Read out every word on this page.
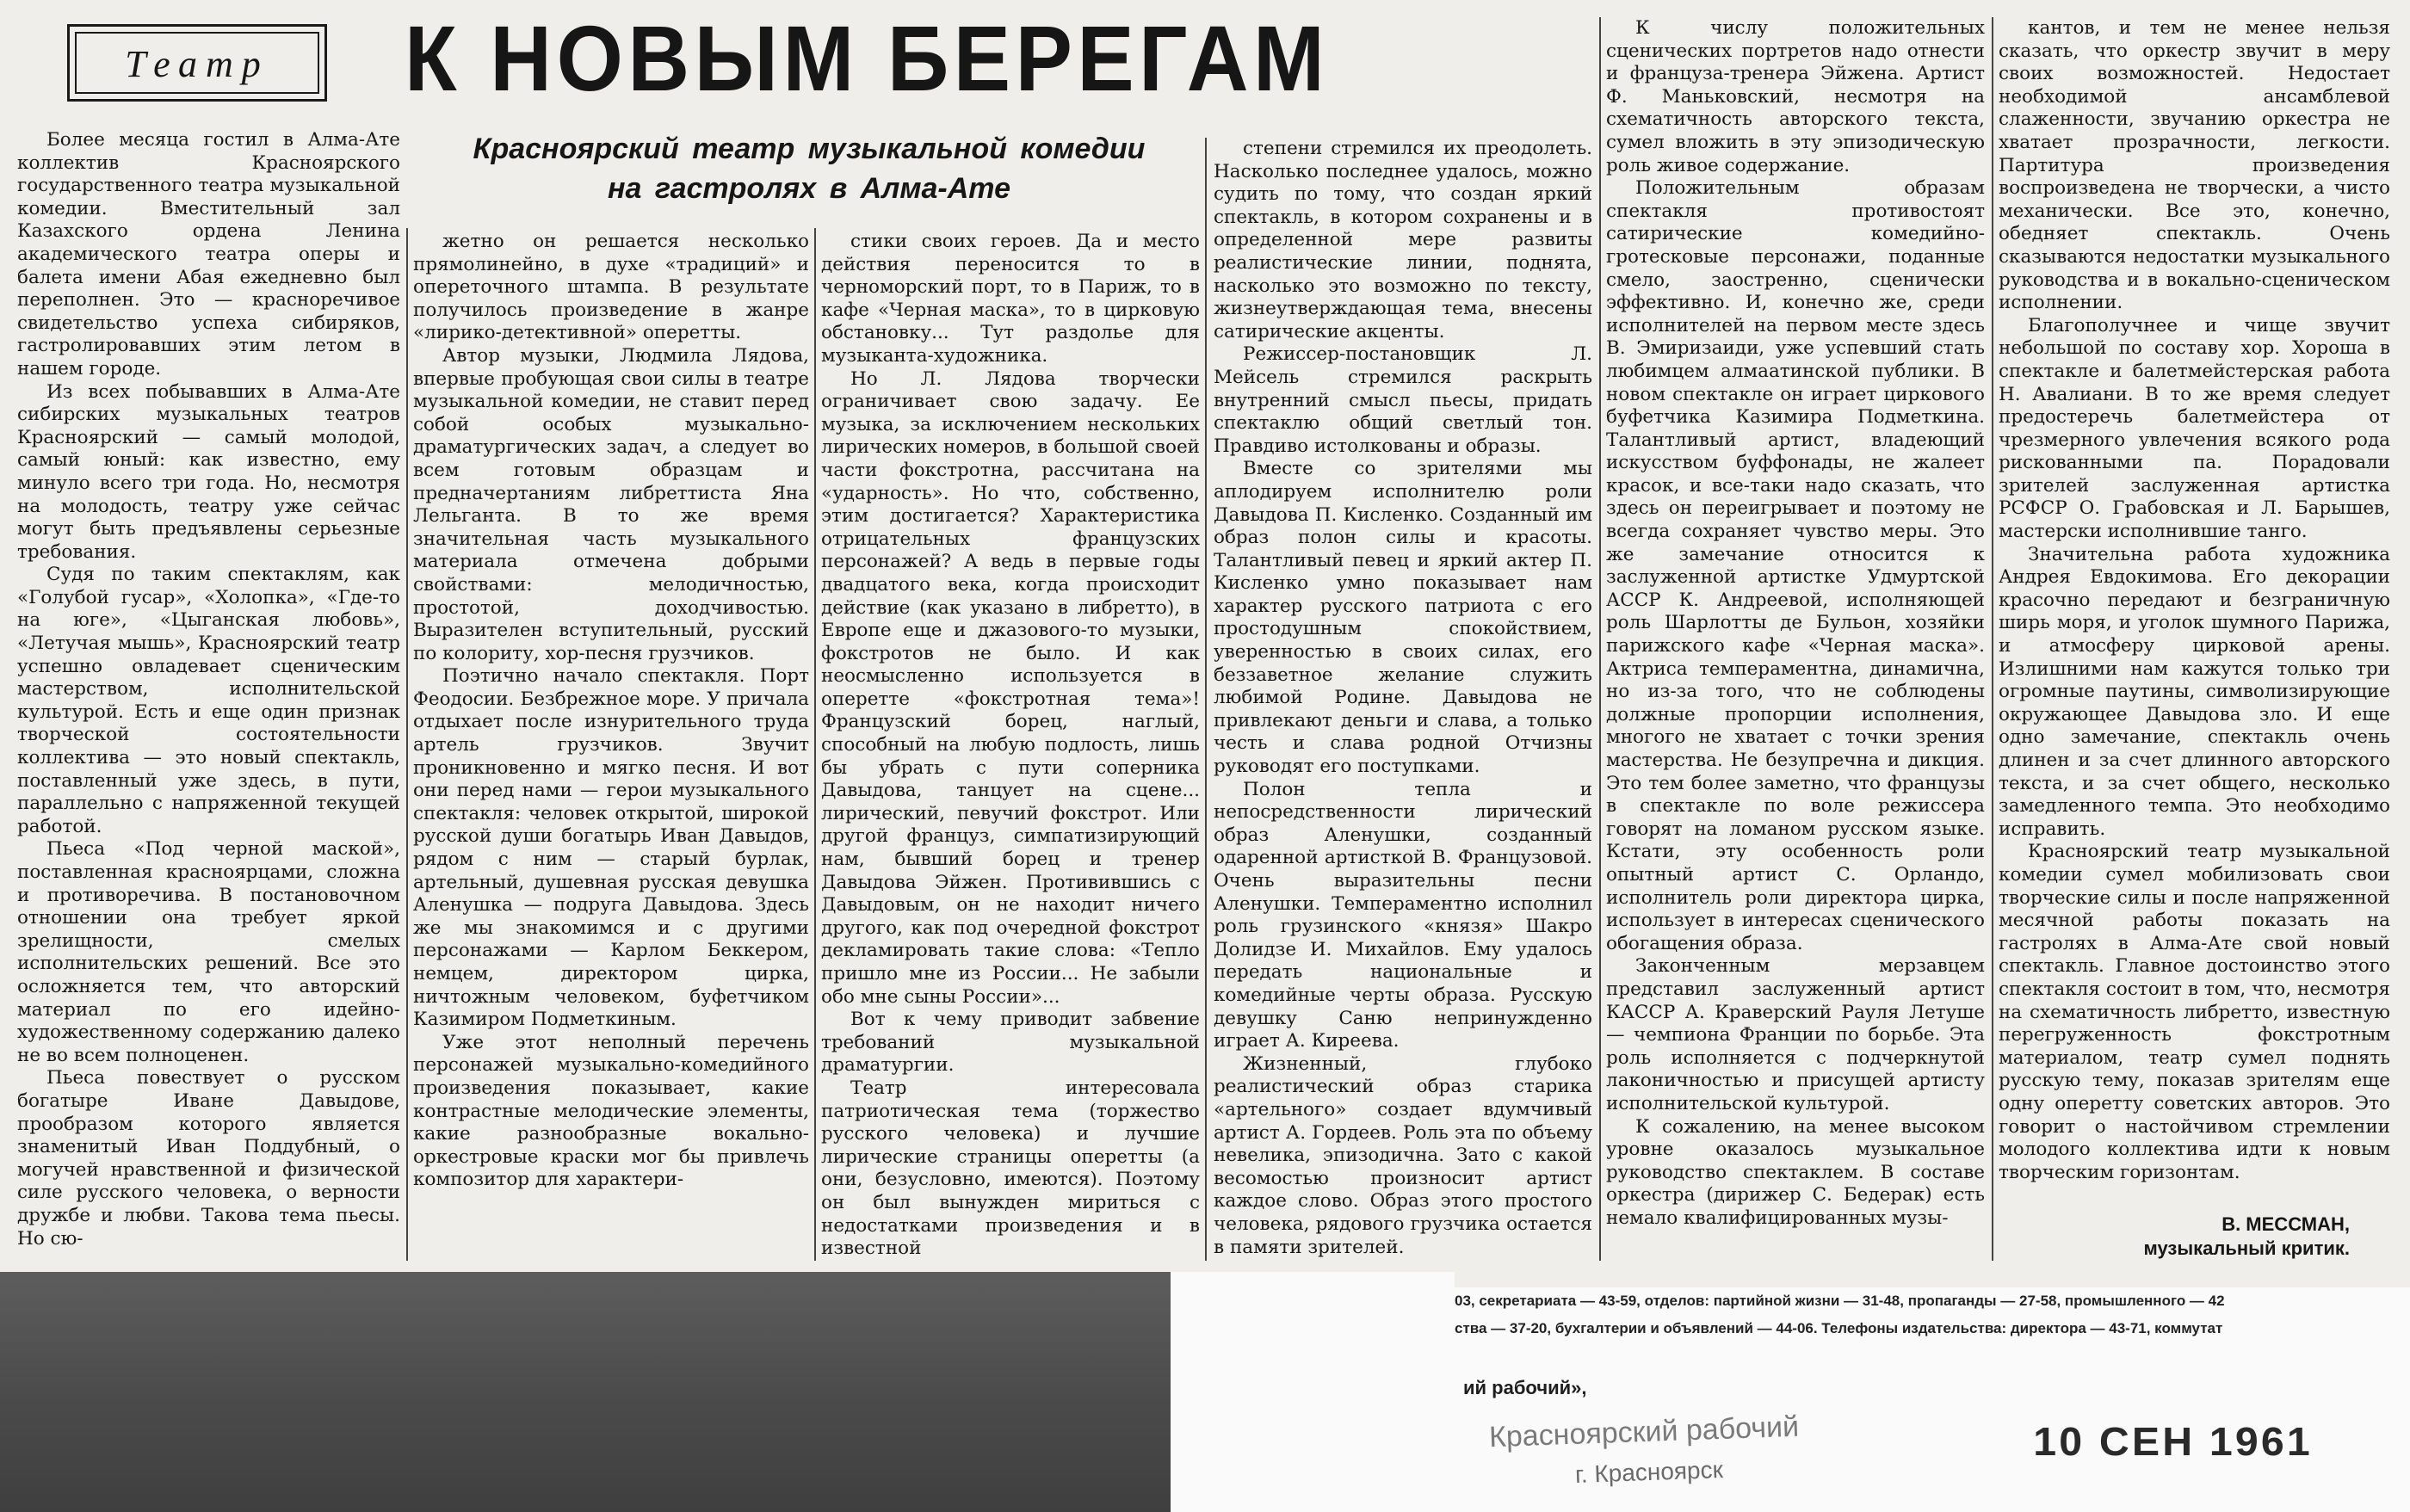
Театр	К НОВЫМ БЕРЕГАМ
Красноярский театр музыкальной комедии
на гастролях в Алма-Ате

Более месяца гостил в Алма-Ате коллектив Красноярского государственного театра музыкальной комедии. Вместительный зал Казахского ордена Ленина академического театра оперы и балета имени Абая ежедневно был переполнен. Это — красноречивое свидетельство успеха сибиряков, гастролировавших этим летом в нашем городе.

Из всех побывавших в Алма-Ате сибирских музыкальных театров Красноярский — самый молодой, самый юный: как известно, ему минуло всего три года. Но, несмотря на молодость, театру уже сейчас могут быть предъявлены серьезные требования.

Судя по таким спектаклям, как «Голубой гусар», «Холопка», «Где-то на юге», «Цыганская любовь», «Летучая мышь», Красноярский театр успешно овладевает сценическим мастерством, исполнительской культурой. Есть и еще один признак творческой состоятельности коллектива — это новый спектакль, поставленный уже здесь, в пути, параллельно с напряженной текущей работой.

Пьеса «Под черной маской», поставленная красноярцами, сложна и противоречива. В постановочном отношении она требует яркой зрелищности, смелых исполнительских решений. Все это осложняется тем, что авторский материал по его идейно-художественному содержанию далеко не во всем полноценен.

Пьеса повествует о русском богатыре Иване Давыдове, прообразом которого является знаменитый Иван Поддубный, о могучей нравственной и физической силе русского человека, о верности дружбе и любви. Такова тема пьесы. Но сю-

жетно он решается несколько прямолинейно, в духе «традиций» и опереточного штампа. В результате получилось произведение в жанре «лирико-детективной» оперетты.

Автор музыки, Людмила Лядова, впервые пробующая свои силы в театре музыкальной комедии, не ставит перед собой особых музыкально-драматургических задач, а следует во всем готовым образцам и предначертаниям либреттиста Яна Лельганта. В то же время значительная часть музыкального материала отмечена добрыми свойствами: мелодичностью, простотой, доходчивостью. Выразителен вступительный, русский по колориту, хор-песня грузчиков.

Поэтично начало спектакля. Порт Феодосии. Безбрежное море. У причала отдыхает после изнурительного труда артель грузчиков. Звучит проникновенно и мягко песня. И вот они перед нами — герои музыкального спектакля: человек открытой, широкой русской души богатырь Иван Давыдов, рядом с ним — старый бурлак, артельный, душевная русская девушка Аленушка — подруга Давыдова. Здесь же мы знакомимся и с другими персонажами — Карлом Беккером, немцем, директором цирка, ничтожным человеком, буфетчиком Казимиром Подметкиным.

Уже этот неполный перечень персонажей музыкально-комедийного произведения показывает, какие контрастные мелодические элементы, какие разнообразные вокально-оркестровые краски мог бы привлечь композитор для характери-

стики своих героев. Да и место действия переносится то в черноморский порт, то в Париж, то в кафе «Черная маска», то в цирковую обстановку... Тут раздолье для музыканта-художника.

Но Л. Лядова творчески ограничивает свою задачу. Ее музыка, за исключением нескольких лирических номеров, в большой своей части фокстротна, рассчитана на «ударность». Но что, собственно, этим достигается? Характеристика отрицательных французских персонажей? А ведь в первые годы двадцатого века, когда происходит действие (как указано в либретто), в Европе еще и джазового-то музыки, фокстротов не было. И как неосмысленно используется в оперетте «фокстротная тема»! Французский борец, наглый, способный на любую подлость, лишь бы убрать с пути соперника Давыдова, танцует на сцене... лирический, певучий фокстрот. Или другой француз, симпатизирующий нам, бывший борец и тренер Давыдова Эйжен. Противившись с Давыдовым, он не находит ничего другого, как под очередной фокстрот декламировать такие слова: «Тепло пришло мне из России... Не забыли обо мне сыны России»...

Вот к чему приводит забвение требований музыкальной драматургии.

Театр интересовала патриотическая тема (торжество русского человека) и лучшие лирические страницы оперетты (а они, безусловно, имеются). Поэтому он был вынужден мириться с недостатками произведения и в известной

степени стремился их преодолеть. Насколько последнее удалось, можно судить по тому, что создан яркий спектакль, в котором сохранены и в определенной мере развиты реалистические линии, поднята, насколько это возможно по тексту, жизнеутверждающая тема, внесены сатирические акценты.

Режиссер-постановщик Л. Мейсель стремился раскрыть внутренний смысл пьесы, придать спектаклю общий светлый тон. Правдиво истолкованы и образы.

Вместе со зрителями мы аплодируем исполнителю роли Давыдова П. Кисленко. Созданный им образ полон силы и красоты. Талантливый певец и яркий актер П. Кисленко умно показывает нам характер русского патриота с его простодушным спокойствием, уверенностью в своих силах, его беззаветное желание служить любимой Родине. Давыдова не привлекают деньги и слава, а только честь и слава родной Отчизны руководят его поступками.

Полон тепла и непосредственности лирический образ Аленушки, созданный одаренной артисткой В. Французовой. Очень выразительны песни Аленушки. Темпераментно исполнил роль грузинского «князя» Шакро Долидзе И. Михайлов. Ему удалось передать национальные и комедийные черты образа. Русскую девушку Саню непринужденно играет А. Киреева.

Жизненный, глубоко реалистический образ старика «артельного» создает вдумчивый артист А. Гордеев. Роль эта по объему невелика, эпизодична. Зато с какой весомостью произносит артист каждое слово. Образ этого простого человека, рядового грузчика остается в памяти зрителей.

К числу положительных сценических портретов надо отнести и француза-тренера Эйжена. Артист Ф. Маньковский, несмотря на схематичность авторского текста, сумел вложить в эту эпизодическую роль живое содержание.

Положительным образам спектакля противостоят сатирические комедийно-гротесковые персонажи, поданные смело, заостренно, сценически эффективно. И, конечно же, среди исполнителей на первом месте здесь В. Эмиризаиди, уже успевший стать любимцем алмаатинской публики. В новом спектакле он играет циркового буфетчика Казимира Подметкина. Талантливый артист, владеющий искусством буффонады, не жалеет красок, и все-таки надо сказать, что здесь он переигрывает и поэтому не всегда сохраняет чувство меры. Это же замечание относится к заслуженной артистке Удмуртской АССР К. Андреевой, исполняющей роль Шарлотты де Бульон, хозяйки парижского кафе «Черная маска». Актриса темпераментна, динамична, но из-за того, что не соблюдены должные пропорции исполнения, многого не хватает с точки зрения мастерства. Не безупречна и дикция. Это тем более заметно, что французы в спектакле по воле режиссера говорят на ломаном русском языке. Кстати, эту особенность роли опытный артист С. Орландо, исполнитель роли директора цирка, использует в интересах сценического обогащения образа.

Законченным мерзавцем представил заслуженный артист КАССР А. Краверский Рауля Летуше — чемпиона Франции по борьбе. Эта роль исполняется с подчеркнутой лаконичностью и присущей артисту исполнительской культурой.

К сожалению, на менее высоком уровне оказалось музыкальное руководство спектаклем. В составе оркестра (дирижер С. Бедерак) есть немало квалифицированных музы-

кантов, и тем не менее нельзя сказать, что оркестр звучит в меру своих возможностей. Недостает необходимой ансамблевой слаженности, звучанию оркестра не хватает прозрачности, легкости. Партитура произведения воспроизведена не творчески, а чисто механически. Все это, конечно, обедняет спектакль. Очень сказываются недостатки музыкального руководства и в вокально-сценическом исполнении.

Благополучнее и чище звучит небольшой по составу хор. Хороша в спектакле и балетмейстерская работа Н. Авалиани. В то же время следует предостеречь балетмейстера от чрезмерного увлечения всякого рода рискованными па. Порадовали зрителей заслуженная артистка РСФСР О. Грабовская и Л. Барышев, мастерски исполнившие танго.

Значительна работа художника Андрея Евдокимова. Его декорации красочно передают и безграничную ширь моря, и уголок шумного Парижа, и атмосферу цирковой арены. Излишними нам кажутся только три огромные паутины, символизирующие окружающее Давыдова зло. И еще одно замечание, спектакль очень длинен и за счет длинного авторского текста, и за счет общего, несколько замедленного темпа. Это необходимо исправить.

Красноярский театр музыкальной комедии сумел мобилизовать свои творческие силы и после напряженной месячной работы показать на гастролях в Алма-Ате свой новый спектакль. Главное достоинство этого спектакля состоит в том, что, несмотря на схематичность либретто, известную перегруженность фокстротным материалом, театр сумел поднять русскую тему, показав зрителям еще одну оперетту советских авторов. Это говорит о настойчивом стремлении молодого коллектива идти к новым творческим горизонтам.

В. МЕССМАН,
музыкальный критик.
03, секретариата — 43-59, отделов: партийной жизни — 31-48, пропаганды — 27-58, промышленного — 42
ства — 37-20, бухгалтерии и объявлений — 44-06. Телефоны издательства: директора — 43-71, коммутат
ий рабочий»,
Красноярский рабочий
г. Красноярск
10 СЕН 1961
